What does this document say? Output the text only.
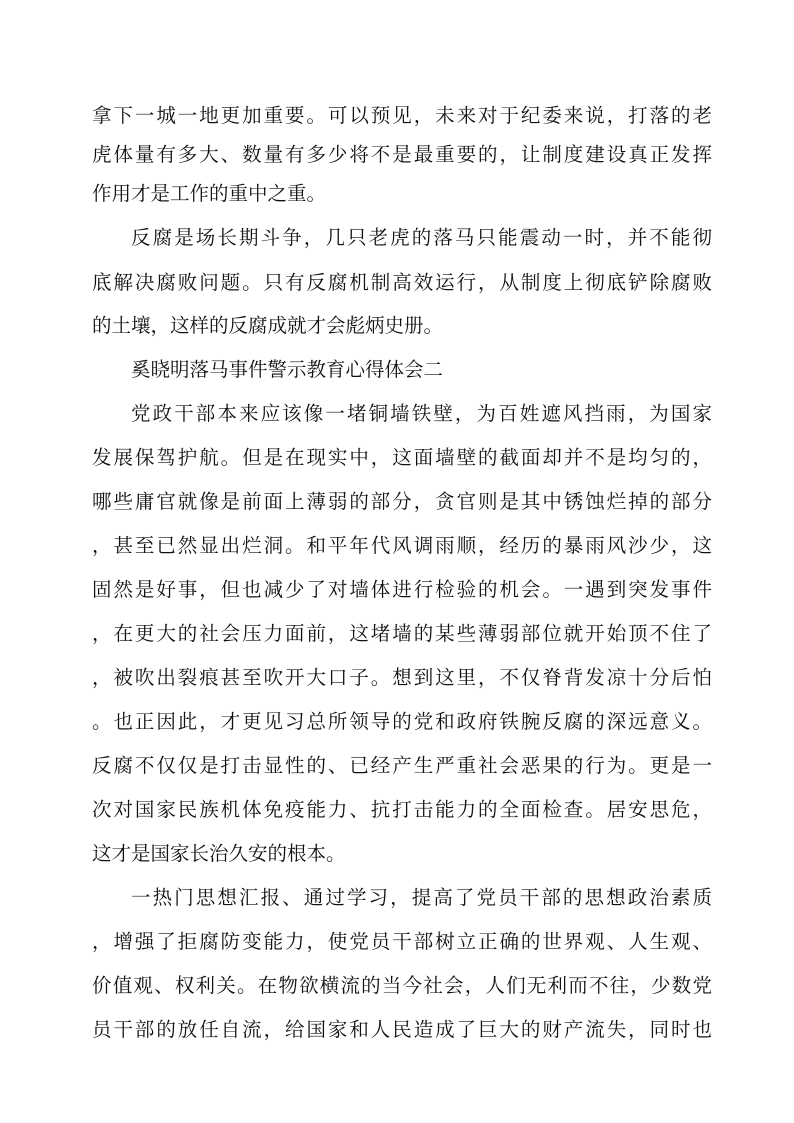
拿下一城一地更加重要。可以预见，未来对于纪委来说，打落的老
虎体量有多大、数量有多少将不是最重要的，让制度建设真正发挥
作用才是工作的重中之重。
反腐是场长期斗争，几只老虎的落马只能震动一时，并不能彻
底解决腐败问题。只有反腐机制高效运行，从制度上彻底铲除腐败
的土壤，这样的反腐成就才会彪炳史册。
奚晓明落马事件警示教育心得体会二
党政干部本来应该像一堵铜墙铁壁，为百姓遮风挡雨，为国家
发展保驾护航。但是在现实中，这面墙壁的截面却并不是均匀的，
哪些庸官就像是前面上薄弱的部分，贪官则是其中锈蚀烂掉的部分
，甚至已然显出烂洞。和平年代风调雨顺，经历的暴雨风沙少，这
固然是好事，但也减少了对墙体进行检验的机会。一遇到突发事件
，在更大的社会压力面前，这堵墙的某些薄弱部位就开始顶不住了
，被吹出裂痕甚至吹开大口子。想到这里，不仅脊背发凉十分后怕
。也正因此，才更见习总所领导的党和政府铁腕反腐的深远意义。
反腐不仅仅是打击显性的、已经产生严重社会恶果的行为。更是一
次对国家民族机体免疫能力、抗打击能力的全面检查。居安思危，
这才是国家长治久安的根本。
一热门思想汇报、通过学习，提高了党员干部的思想政治素质
，增强了拒腐防变能力，使党员干部树立正确的世界观、人生观、
价值观、权利关。在物欲横流的当今社会，人们无利而不往，少数党
员干部的放任自流，给国家和人民造成了巨大的财产流失，同时也
